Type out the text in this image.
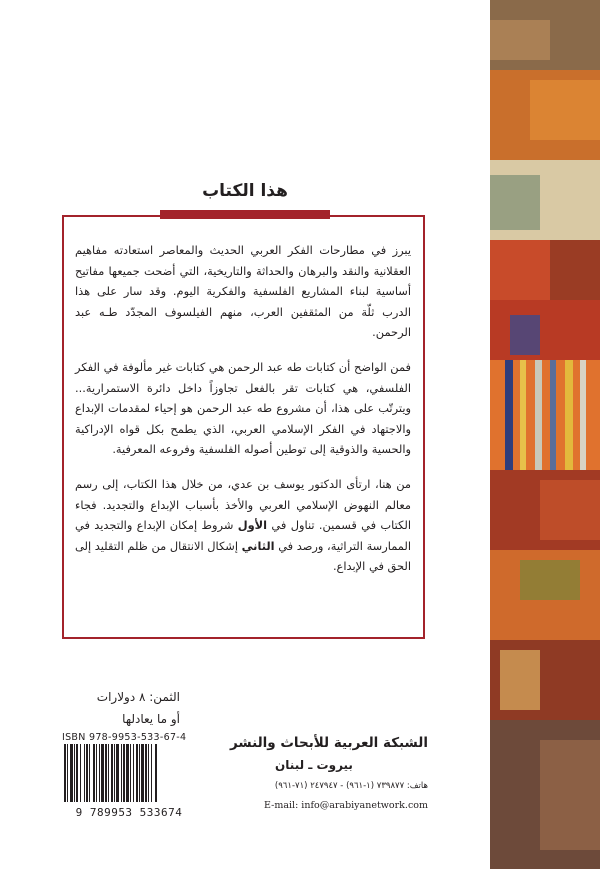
هذا الكتاب

يبرز في مطارحات الفكر العربي الحديث والمعاصر استعادته مفاهيم العقلانية والنقد والبرهان والحداثة والتاريخية، التي أضحت جميعها مفاتيح أساسية لبناء المشاريع الفلسفية والفكرية اليوم. وقد سار على هذا الدرب ثلّة من المثقفين العرب، منهم الفيلسوف المجدّد طـه عبد الرحمن.

فمن الواضح أن كتابات طه عبد الرحمن هي كتابات غير مألوفة في الفكر الفلسفي، هي كتابات تقر بالفعل تجاوزاً داخل دائرة الاستمرارية... ويترتّب على هذا، أن مشروع طه عبد الرحمن هو إحياء لمقدمات الإبداع والاجتهاد في الفكر الإسلامي العربي، الذي يطمح بكل قواه الإدراكية والحسية والذوقية إلى توطين أصوله الفلسفية وفروعه المعرفية.

من هنا، ارتأى الدكتور يوسف بن عدي، من خلال هذا الكتاب، إلى رسم معالم النهوض الإسلامي العربي والأخذ بأسباب الإبداع والتجديد. فجاء الكتاب في قسمين. تناول في الأول شروط إمكان الإبداع والتجديد في الممارسة التراثية، ورصد في الثاني إشكال الانتقال من ظلم التقليد إلى الحق في الإبداع.

الثمن: ٨ دولارات
أو ما يعادلها
ISBN 978-9953-533-67-4
9 789953 533674
الشبكة العربية للأبحاث والنشر
بيروت ـ لبنان
هاتف: ٧٣٩٨٧٧ (١-٩٦١) - ٢٤٧٩٤٧ (٧١-٩٦١)
E-mail: info@arabiyanetwork.com
